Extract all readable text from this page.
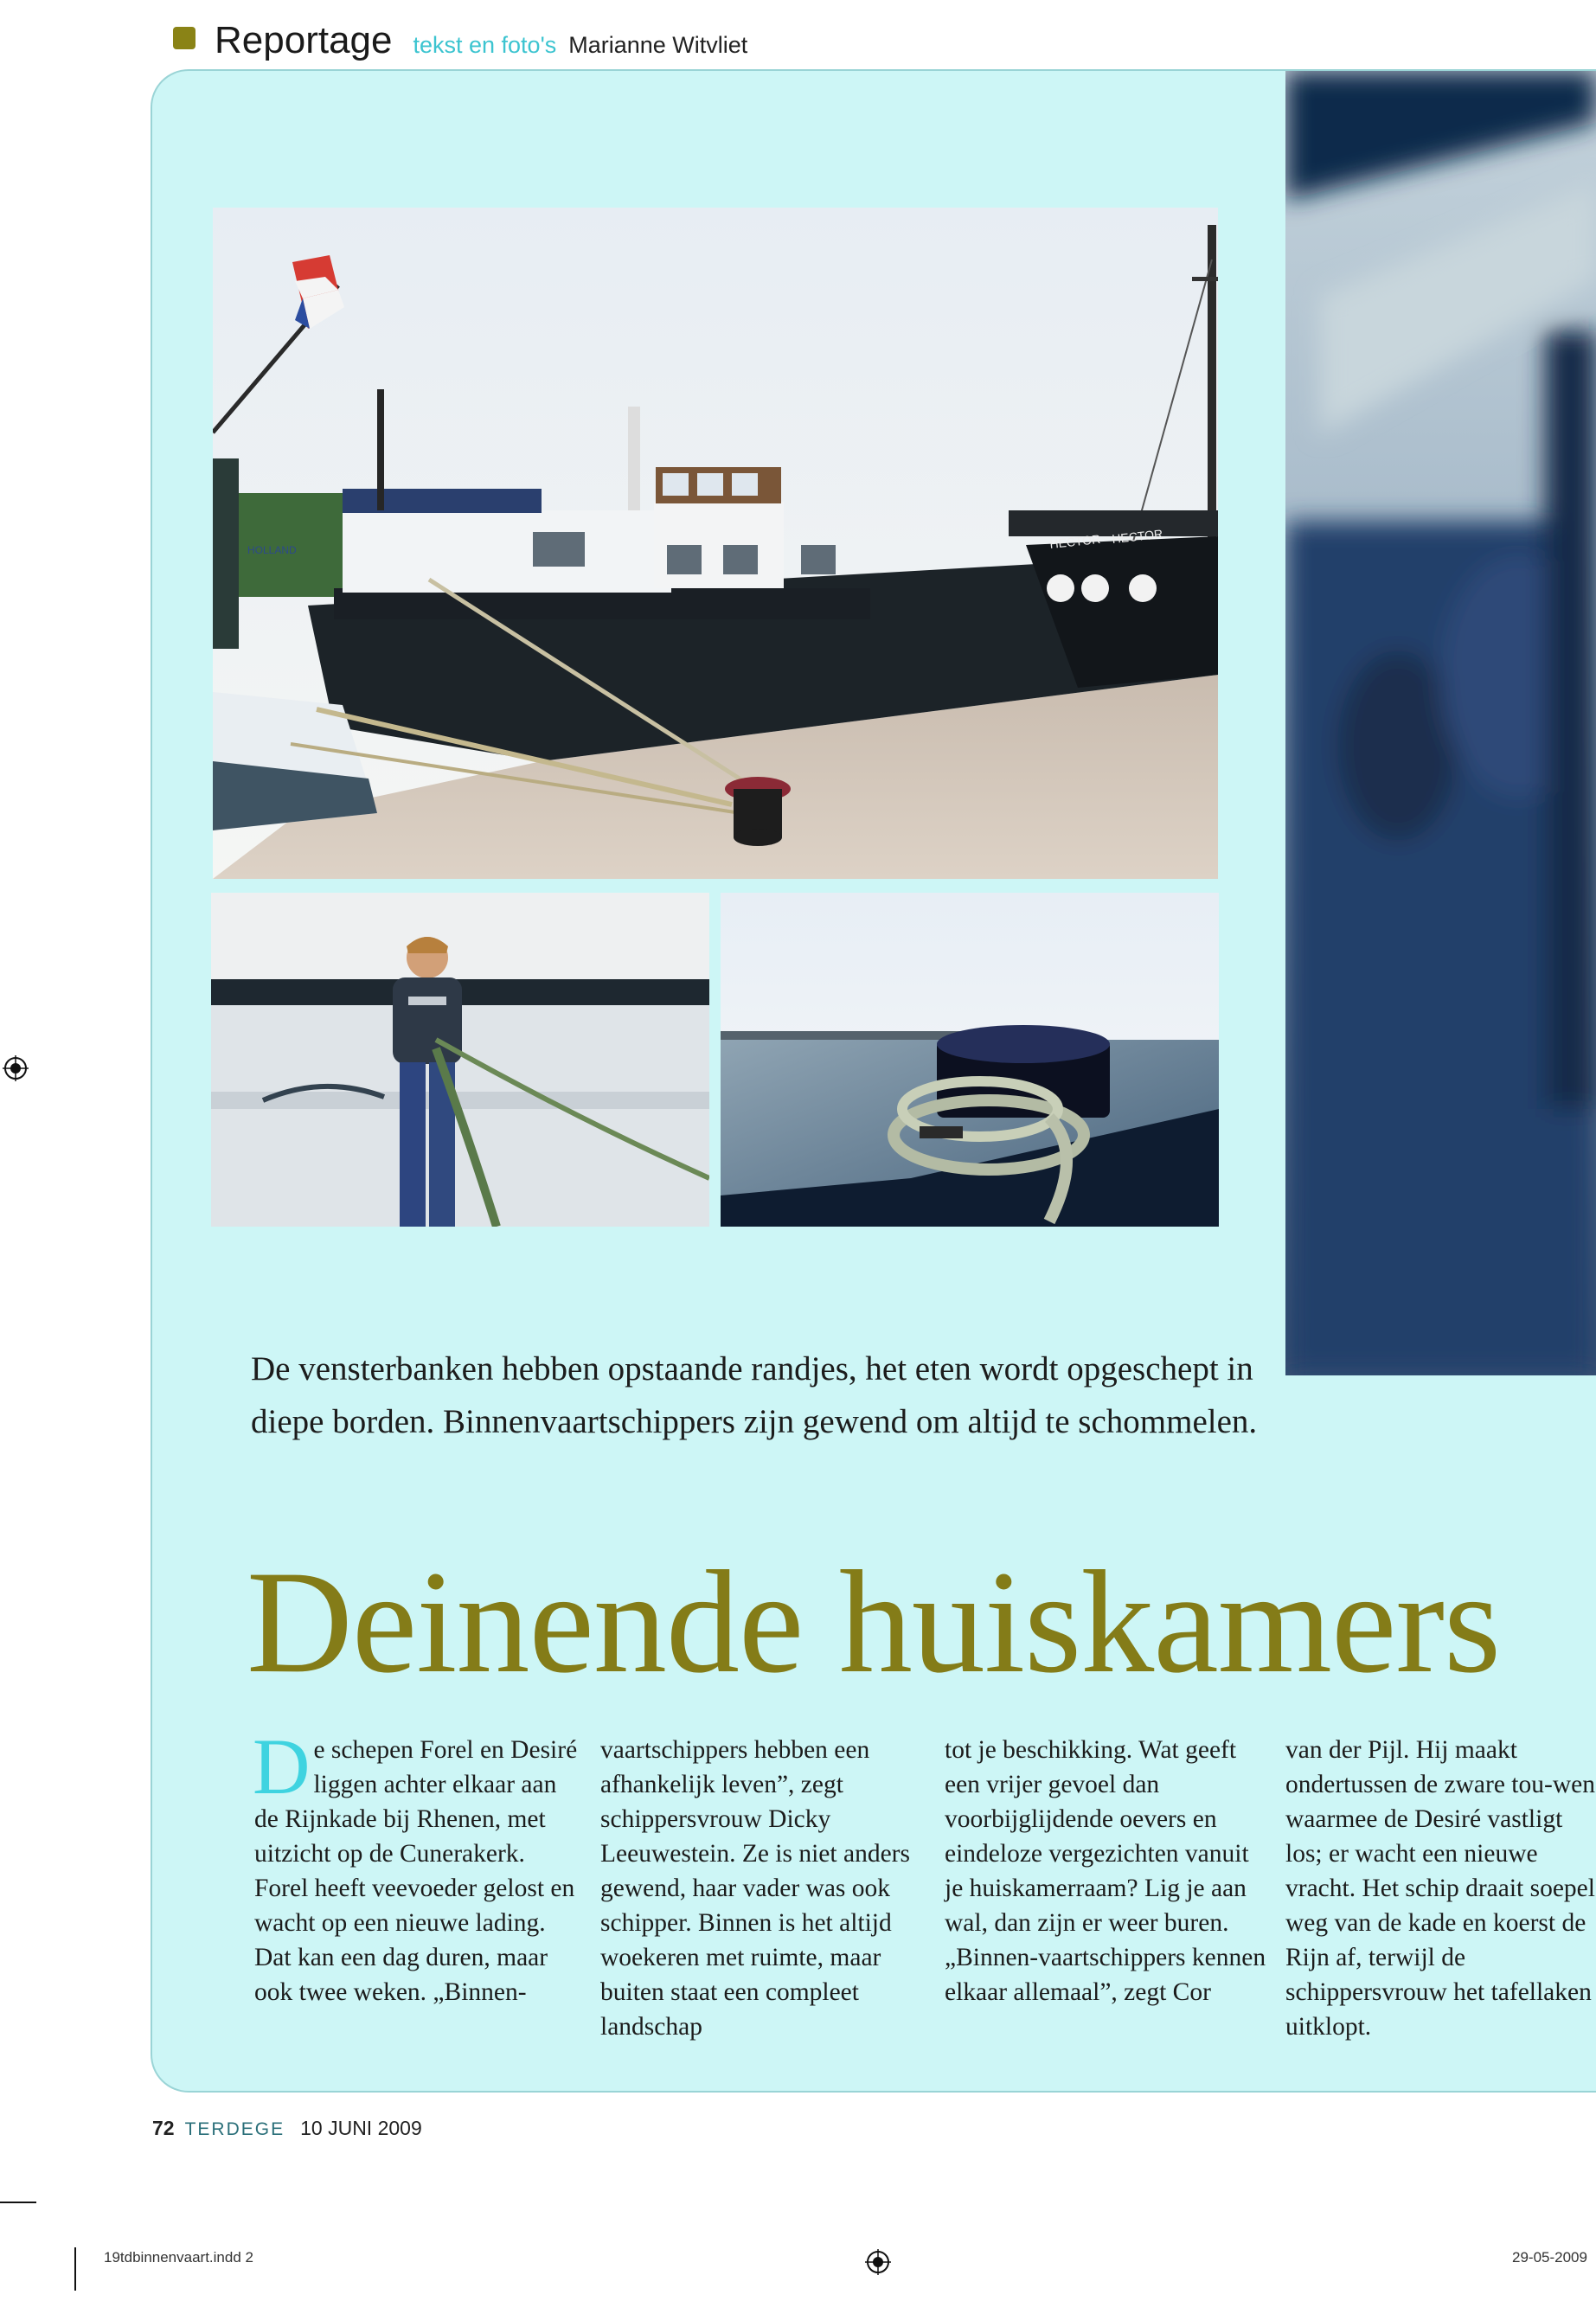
Reportage tekst en foto's Marianne Witvliet
HECTOR HECTOR
HOLLAND
De vensterbanken hebben opstaande randjes, het eten wordt opgeschept in diepe borden. Binnenvaartschippers zijn gewend om altijd te schommelen.
Deinende huiskamers
De schepen Forel en Desiré liggen achter elkaar aan de Rijnkade bij Rhenen, met uitzicht op de Cunerakerk. Forel heeft veevoeder gelost en wacht op een nieuwe lading. Dat kan een dag duren, maar ook twee weken. „Binnen-
vaartschippers hebben een afhankelijk leven”, zegt schippersvrouw Dicky Leeuwestein. Ze is niet anders gewend, haar vader was ook schipper. Binnen is het altijd woekeren met ruimte, maar buiten staat een compleet landschap
tot je beschikking. Wat geeft een vrijer gevoel dan voorbijglijdende oevers en eindeloze vergezichten vanuit je huiskamerraam? Lig je aan wal, dan zijn er weer buren. „Binnen-vaartschippers kennen elkaar allemaal”, zegt Cor
van der Pijl. Hij maakt ondertussen de zware tou-wen waarmee de Desiré vastligt los; er wacht een nieuwe vracht. Het schip draait soepel weg van de kade en koerst de Rijn af, terwijl de schippersvrouw het tafellaken uitklopt.
72 TERDEGE 10 JUNI 2009
19tdbinnenvaart.indd 2	29-05-2009
